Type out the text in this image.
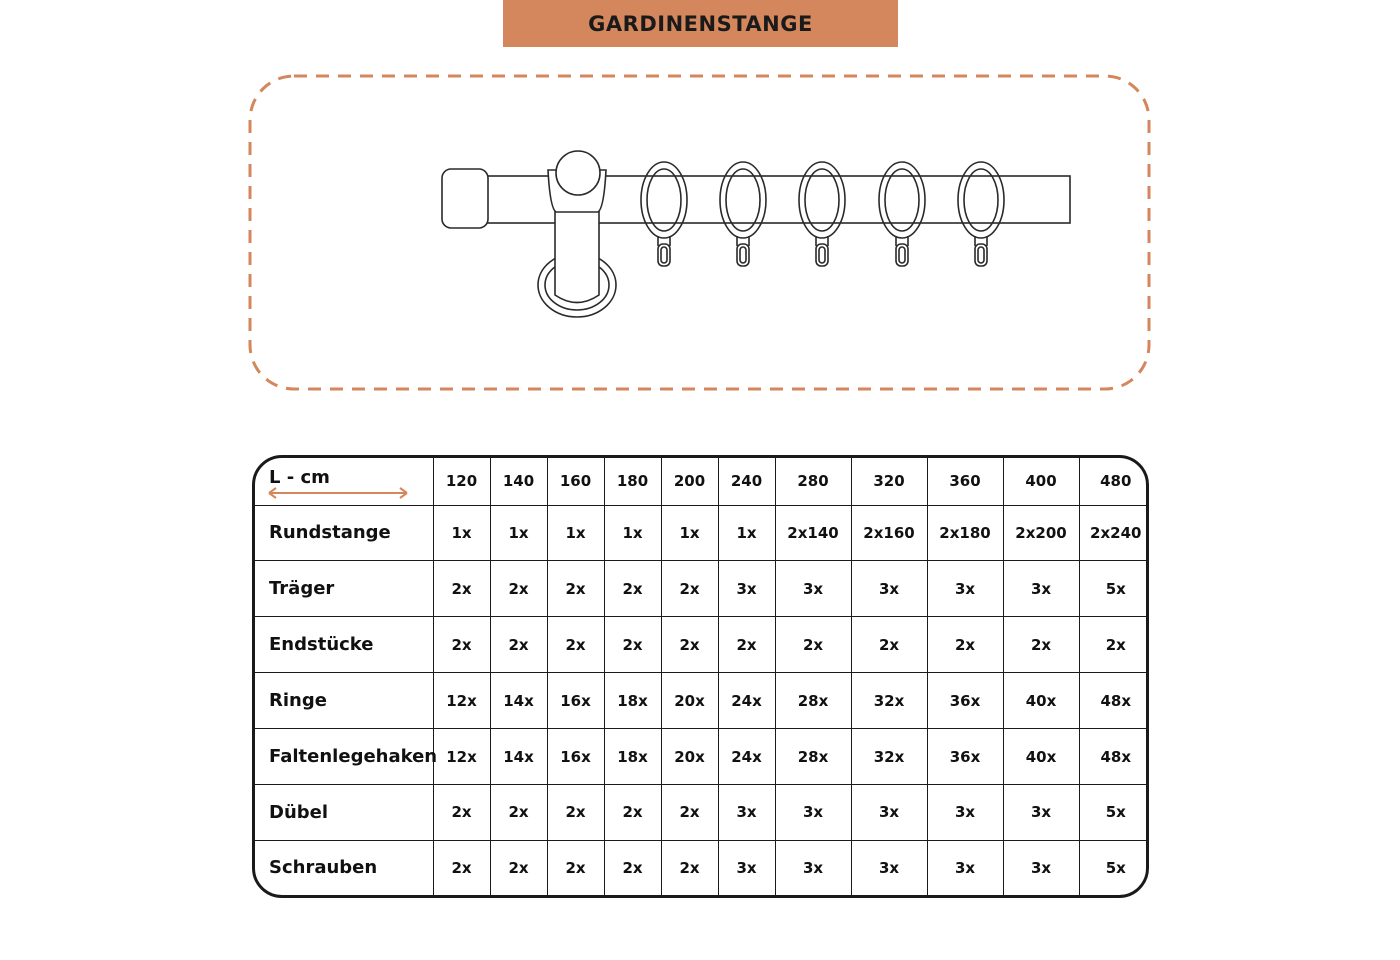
GARDINENSTANGE
L - cm	120	140	160	180	200	240	280	320	360	400	480
Rundstange	1x	1x	1x	1x	1x	1x	2x140	2x160	2x180	2x200	2x240
Träger	2x	2x	2x	2x	2x	3x	3x	3x	3x	3x	5x
Endstücke	2x	2x	2x	2x	2x	2x	2x	2x	2x	2x	2x
Ringe	12x	14x	16x	18x	20x	24x	28x	32x	36x	40x	48x
Faltenlegehaken	12x	14x	16x	18x	20x	24x	28x	32x	36x	40x	48x
Dübel	2x	2x	2x	2x	2x	3x	3x	3x	3x	3x	5x
Schrauben	2x	2x	2x	2x	2x	3x	3x	3x	3x	3x	5x
